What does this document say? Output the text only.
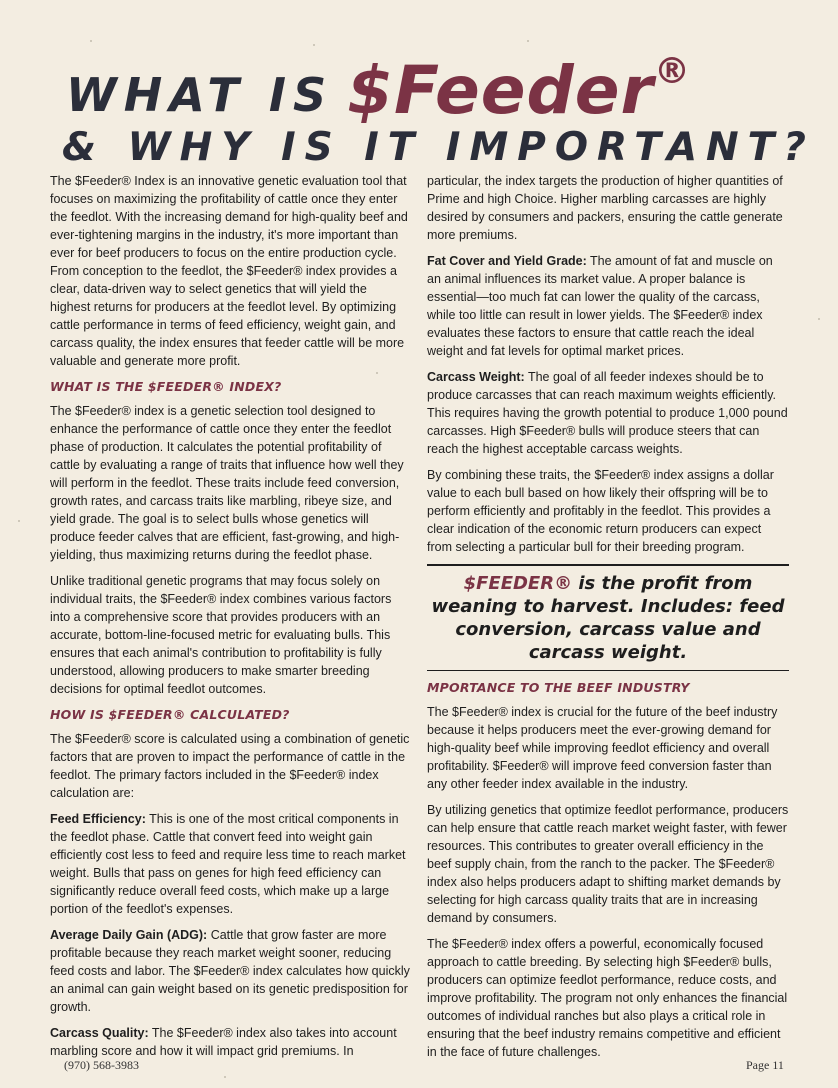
WHAT IS $Feeder®
& WHY IS IT IMPORTANT?

The $Feeder® Index is an innovative genetic evaluation tool that focuses on maximizing the profitability of cattle once they enter the feedlot. With the increasing demand for high-quality beef and ever-tightening margins in the industry, it's more important than ever for beef producers to focus on the entire production cycle. From conception to the feedlot, the $Feeder® index provides a clear, data-driven way to select genetics that will yield the highest returns for producers at the feedlot level. By optimizing cattle performance in terms of feed efficiency, weight gain, and carcass quality, the index ensures that feeder cattle will be more valuable and generate more profit.

WHAT IS THE $FEEDER® INDEX?

The $Feeder® index is a genetic selection tool designed to enhance the performance of cattle once they enter the feedlot phase of production. It calculates the potential profitability of cattle by evaluating a range of traits that influence how well they will perform in the feedlot. These traits include feed conversion, growth rates, and carcass traits like marbling, ribeye size, and yield grade. The goal is to select bulls whose genetics will produce feeder calves that are efficient, fast-growing, and high-yielding, thus maximizing returns during the feedlot phase.

Unlike traditional genetic programs that may focus solely on individual traits, the $Feeder® index combines various factors into a comprehensive score that provides producers with an accurate, bottom-line-focused metric for evaluating bulls. This ensures that each animal's contribution to profitability is fully understood, allowing producers to make smarter breeding decisions for optimal feedlot outcomes.

HOW IS $FEEDER® CALCULATED?

The $Feeder® score is calculated using a combination of genetic factors that are proven to impact the performance of cattle in the feedlot. The primary factors included in the $Feeder® index calculation are:

Feed Efficiency: This is one of the most critical components in the feedlot phase. Cattle that convert feed into weight gain efficiently cost less to feed and require less time to reach market weight. Bulls that pass on genes for high feed efficiency can significantly reduce overall feed costs, which make up a large portion of the feedlot's expenses.

Average Daily Gain (ADG): Cattle that grow faster are more profitable because they reach market weight sooner, reducing feed costs and labor. The $Feeder® index calculates how quickly an animal can gain weight based on its genetic predisposition for growth.

Carcass Quality: The $Feeder® index also takes into account marbling score and how it will impact grid premiums. In

particular, the index targets the production of higher quantities of Prime and high Choice. Higher marbling carcasses are highly desired by consumers and packers, ensuring the cattle generate more premiums.

Fat Cover and Yield Grade: The amount of fat and muscle on an animal influences its market value. A proper balance is essential—too much fat can lower the quality of the carcass, while too little can result in lower yields. The $Feeder® index evaluates these factors to ensure that cattle reach the ideal weight and fat levels for optimal market prices.

Carcass Weight: The goal of all feeder indexes should be to produce carcasses that can reach maximum weights efficiently. This requires having the growth potential to produce 1,000 pound carcasses. High $Feeder® bulls will produce steers that can reach the highest acceptable carcass weights.

By combining these traits, the $Feeder® index assigns a dollar value to each bull based on how likely their offspring will be to perform efficiently and profitably in the feedlot. This provides a clear indication of the economic return producers can expect from selecting a particular bull for their breeding program.

$FEEDER® is the profit from weaning to harvest. Includes: feed conversion, carcass value and carcass weight.
MPORTANCE TO THE BEEF INDUSTRY

The $Feeder® index is crucial for the future of the beef industry because it helps producers meet the ever-growing demand for high-quality beef while improving feedlot efficiency and overall profitability. $Feeder® will improve feed conversion faster than any other feeder index available in the industry.

By utilizing genetics that optimize feedlot performance, producers can help ensure that cattle reach market weight faster, with fewer resources. This contributes to greater overall efficiency in the beef supply chain, from the ranch to the packer. The $Feeder® index also helps producers adapt to shifting market demands by selecting for high carcass quality traits that are in increasing demand by consumers.

The $Feeder® index offers a powerful, economically focused approach to cattle breeding. By selecting high $Feeder® bulls, producers can optimize feedlot performance, reduce costs, and improve profitability. The program not only enhances the financial outcomes of individual ranches but also plays a critical role in ensuring that the beef industry remains competitive and efficient in the face of future challenges.

(970) 568-3983	Page 11
